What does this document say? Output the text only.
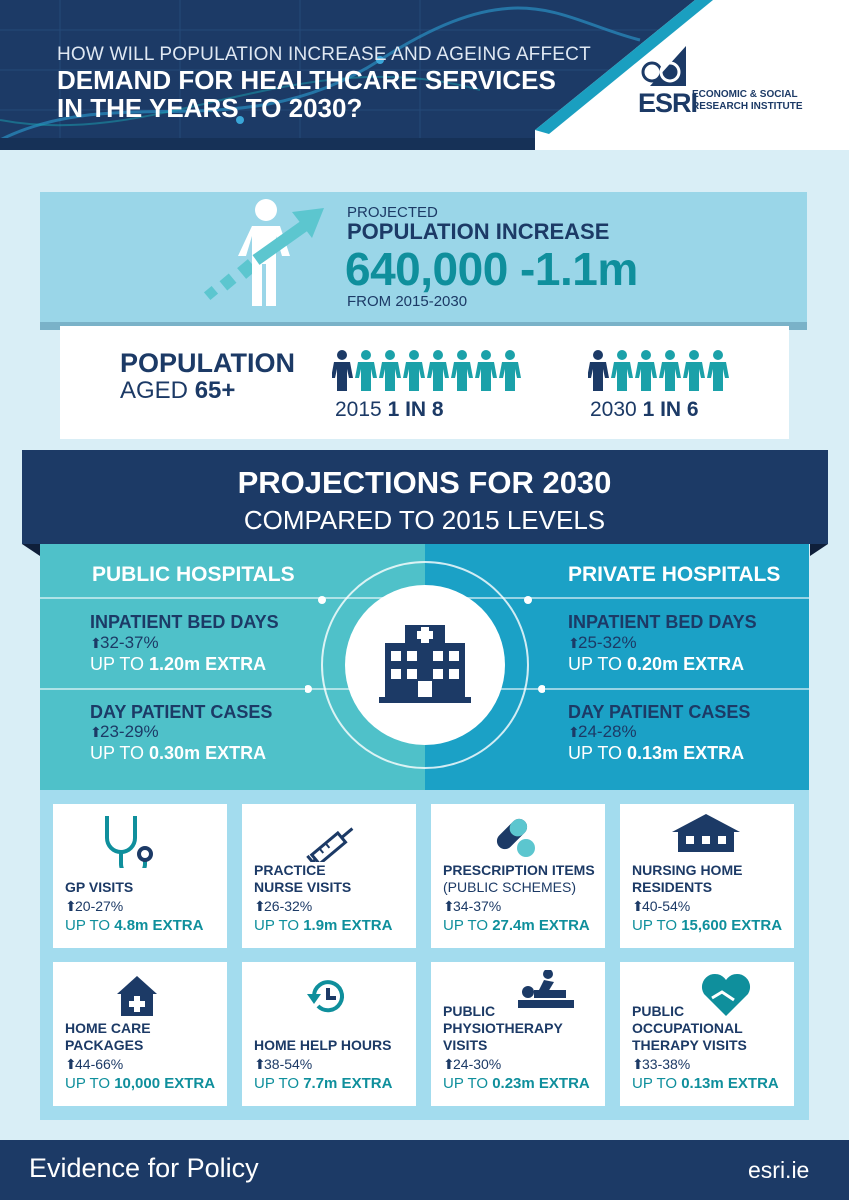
HOW WILL POPULATION INCREASE AND AGEING AFFECT
DEMAND FOR HEALTHCARE SERVICES
IN THE YEARS TO 2030?	ESRI
ECONOMIC & SOCIAL
RESEARCH INSTITUTE
PROJECTED
POPULATION INCREASE
640,000 -1.1m
FROM 2015-2030
POPULATION
AGED 65+
2015 1 IN 8	2030 1 IN 6
PROJECTIONS FOR 2030
COMPARED TO 2015 LEVELS
PUBLIC HOSPITALS
INPATIENT BED DAYS
⬆32-37%
UP TO 1.20m EXTRA
DAY PATIENT CASES
⬆23-29%
UP TO 0.30m EXTRA
PRIVATE HOSPITALS
INPATIENT BED DAYS
⬆25-32%
UP TO 0.20m EXTRA
DAY PATIENT CASES
⬆24-28%
UP TO 0.13m EXTRA
GP VISITS
⬆20-27%
UP TO 4.8m EXTRA
PRACTICE
NURSE VISITS
⬆26-32%
UP TO 1.9m EXTRA
PRESCRIPTION ITEMS
(PUBLIC SCHEMES)
⬆34-37%
UP TO 27.4m EXTRA
NURSING HOME
RESIDENTS
⬆40-54%
UP TO 15,600 EXTRA
HOME CARE
PACKAGES
⬆44-66%
UP TO 10,000 EXTRA
HOME HELP HOURS
⬆38-54%
UP TO 7.7m EXTRA
PUBLIC
PHYSIOTHERAPY
VISITS
⬆24-30%
UP TO 0.23m EXTRA
PUBLIC
OCCUPATIONAL
THERAPY VISITS
⬆33-38%
UP TO 0.13m EXTRA
Evidence for Policy	esri.ie
